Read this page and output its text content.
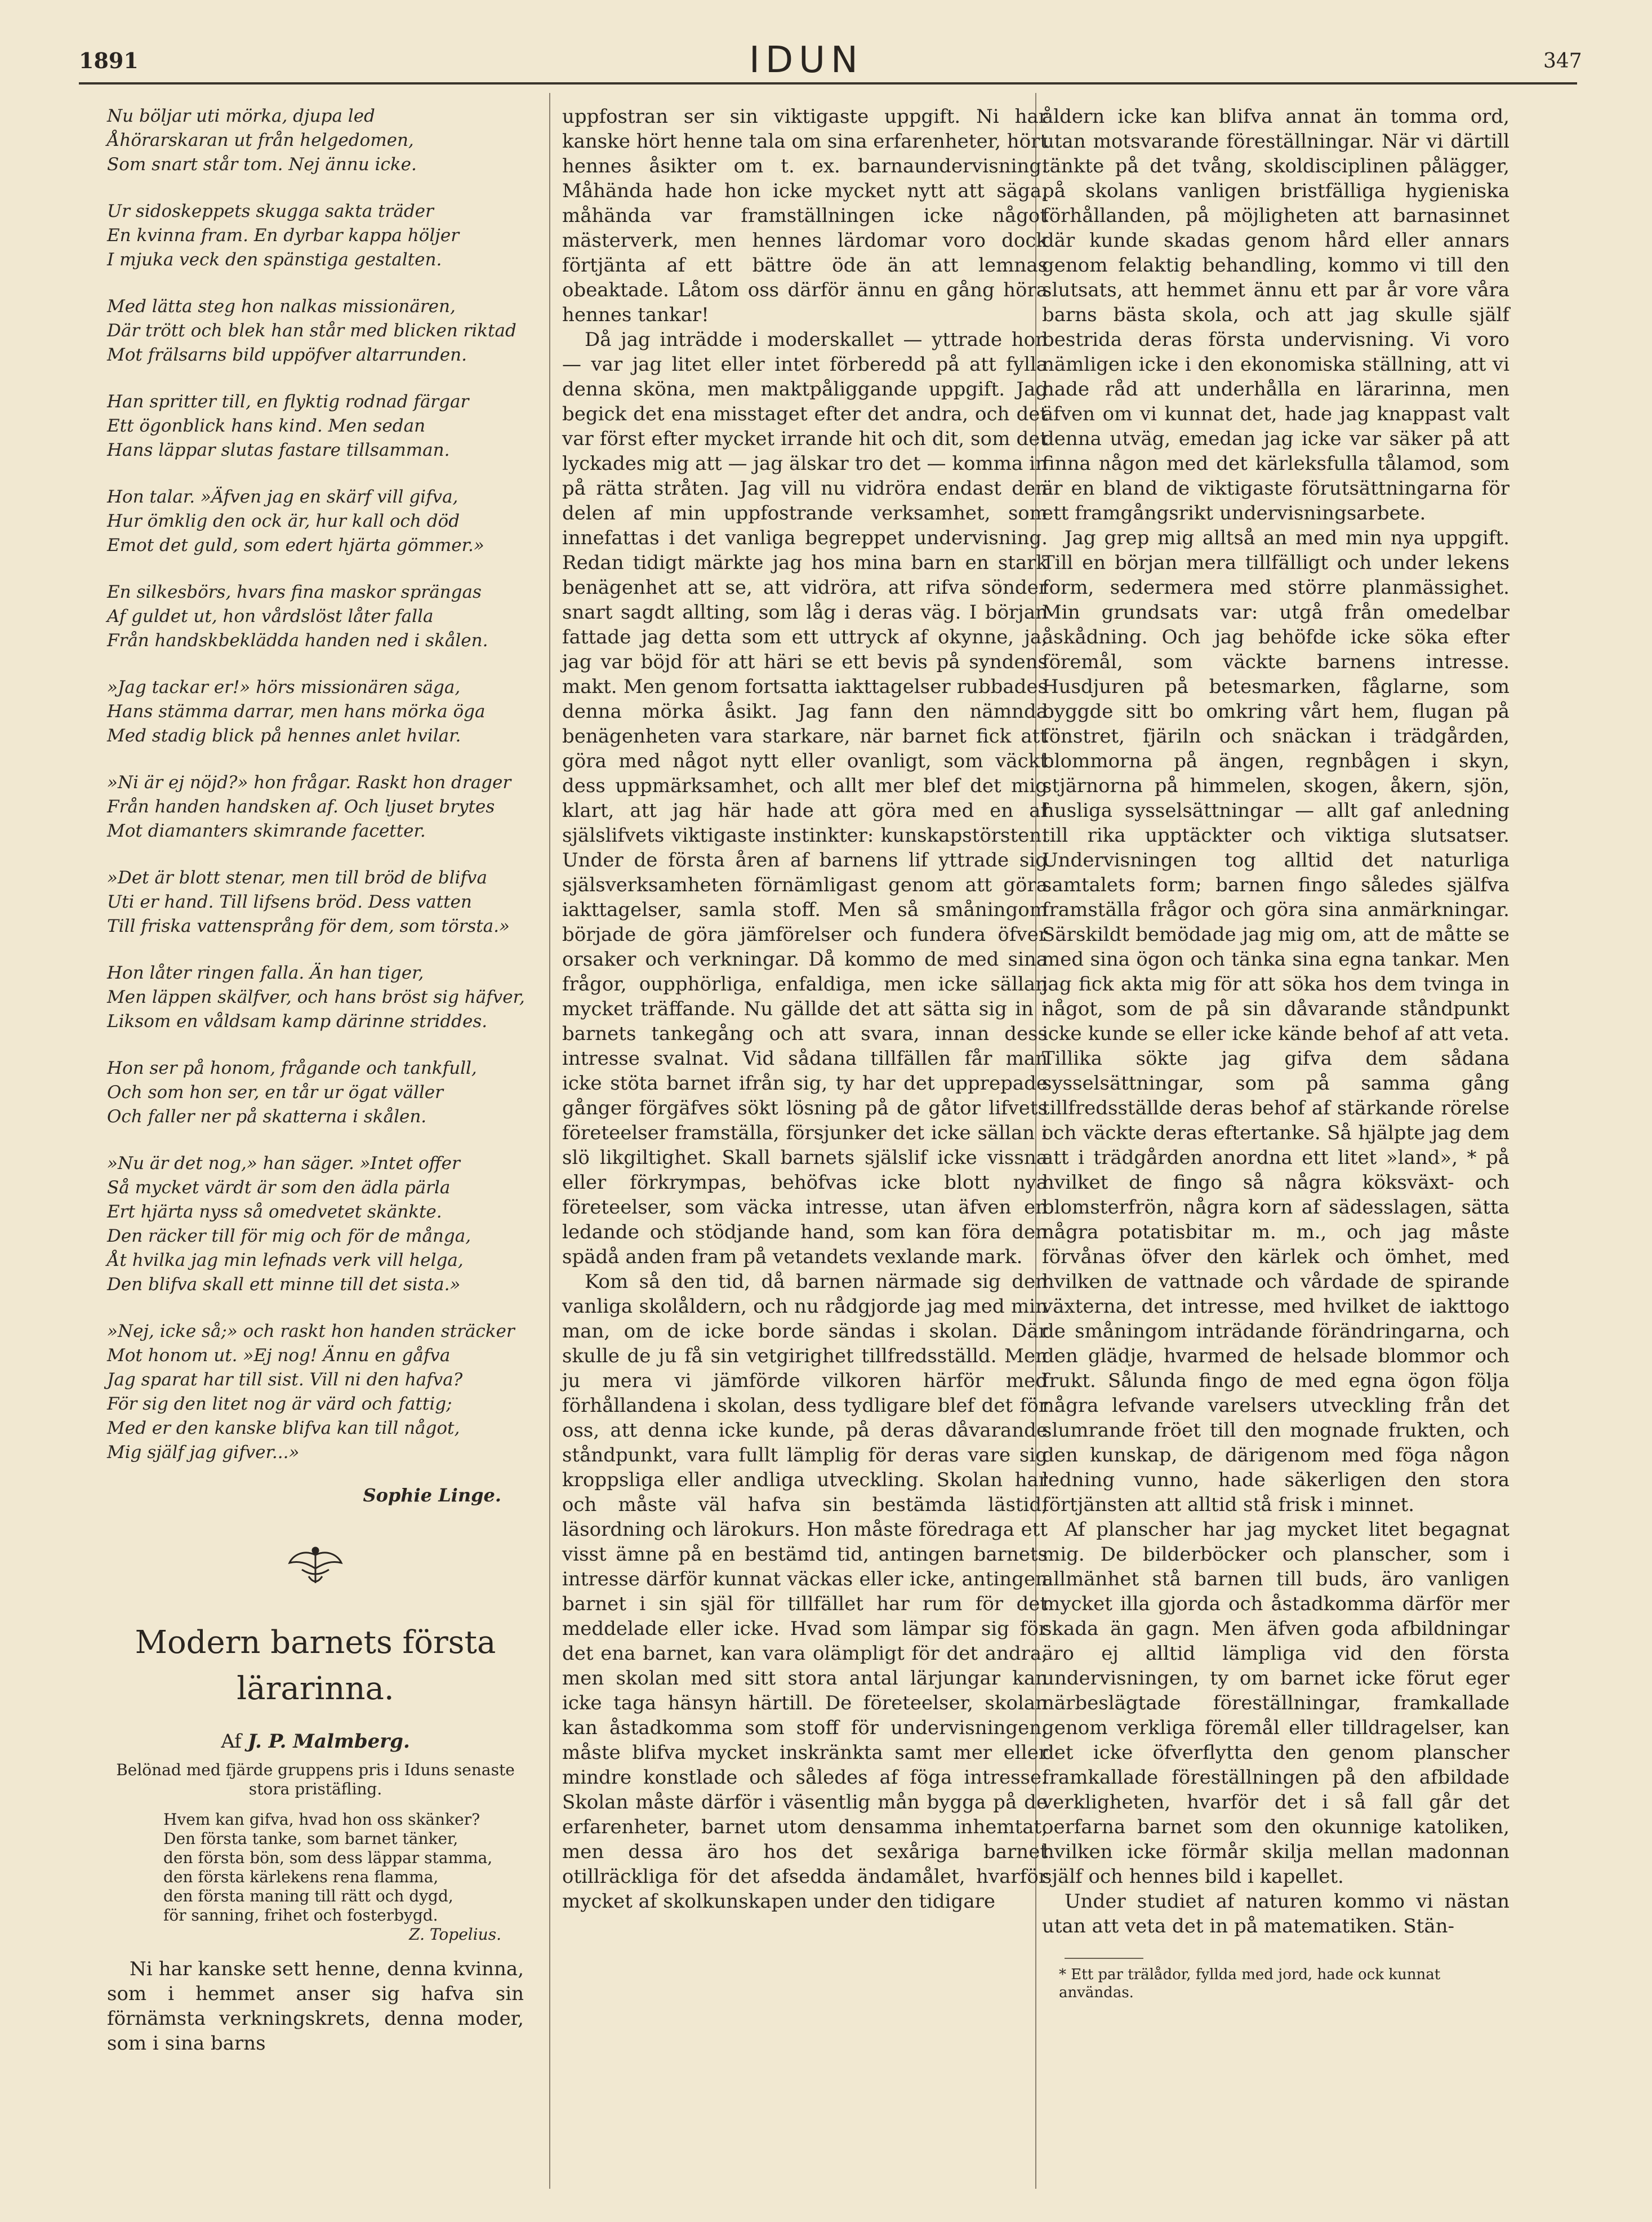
1891	IDUN	347
Nu böljar uti mörka, djupa led
Åhörarskaran ut från helgedomen,
Som snart står tom. Nej ännu icke.
Ur sidoskeppets skugga sakta träder
En kvinna fram. En dyrbar kappa höljer
I mjuka veck den spänstiga gestalten.
Med lätta steg hon nalkas missionären,
Där trött och blek han står med blicken riktad
Mot frälsarns bild uppöfver altarrunden.
Han spritter till, en flyktig rodnad färgar
Ett ögonblick hans kind. Men sedan
Hans läppar slutas fastare tillsamman.
Hon talar. »Äfven jag en skärf vill gifva,
Hur ömklig den ock är, hur kall och död
Emot det guld, som edert hjärta gömmer.»
En silkesbörs, hvars fina maskor sprängas
Af guldet ut, hon vårdslöst låter falla
Från handskbeklädda handen ned i skålen.
»Jag tackar er!» hörs missionären säga,
Hans stämma darrar, men hans mörka öga
Med stadig blick på hennes anlet hvilar.
»Ni är ej nöjd?» hon frågar. Raskt hon drager
Från handen handsken af. Och ljuset brytes
Mot diamanters skimrande facetter.
»Det är blott stenar, men till bröd de blifva
Uti er hand. Till lifsens bröd. Dess vatten
Till friska vattensprång för dem, som törsta.»
Hon låter ringen falla. Än han tiger,
Men läppen skälfver, och hans bröst sig häfver,
Liksom en våldsam kamp därinne striddes.
Hon ser på honom, frågande och tankfull,
Och som hon ser, en tår ur ögat väller
Och faller ner på skatterna i skålen.
»Nu är det nog,» han säger. »Intet offer
Så mycket värdt är som den ädla pärla
Ert hjärta nyss så omedvetet skänkte.
Den räcker till för mig och för de många,
Åt hvilka jag min lefnads verk vill helga,
Den blifva skall ett minne till det sista.»
»Nej, icke så;» och raskt hon handen sträcker
Mot honom ut. »Ej nog! Ännu en gåfva
Jag sparat har till sist. Vill ni den hafva?
För sig den litet nog är värd och fattig;
Med er den kanske blifva kan till något,
Mig själf jag gifver...»
Sophie Linge.
Modern barnets första
lärarinna.
Af J. P. Malmberg.
Belönad med fjärde gruppens pris i Iduns senaste
stora pristäfling.
Hvem kan gifva, hvad hon oss skänker?
Den första tanke, som barnet tänker,
den första bön, som dess läppar stamma,
den första kärlekens rena flamma,
den första maning till rätt och dygd,
för sanning, frihet och fosterbygd.
Z. Topelius.

Ni har kanske sett henne, denna kvinna, som i hemmet anser sig hafva sin förnämsta verkningskrets, denna moder, som i sina barns

uppfostran ser sin viktigaste uppgift. Ni har kanske hört henne tala om sina erfarenheter, hört hennes åsikter om t. ex. barnaundervisning. Måhända hade hon icke mycket nytt att säga, måhända var framställningen icke något mästerverk, men hennes lärdomar voro dock förtjänta af ett bättre öde än att lemnas obeaktade. Låtom oss därför ännu en gång höra hennes tankar!

Då jag inträdde i moderskallet — yttrade hon — var jag litet eller intet förberedd på att fylla denna sköna, men maktpåliggande uppgift. Jag begick det ena misstaget efter det andra, och det var först efter mycket irrande hit och dit, som det lyckades mig att — jag älskar tro det — komma in på rätta stråten. Jag vill nu vidröra endast den delen af min uppfostrande verksamhet, som innefattas i det vanliga begreppet undervisning. Redan tidigt märkte jag hos mina barn en stark benägenhet att se, att vidröra, att rifva sönder snart sagdt allting, som låg i deras väg. I början fattade jag detta som ett uttryck af okynne, ja, jag var böjd för att häri se ett bevis på syndens makt. Men genom fortsatta iakttagelser rubbades denna mörka åsikt. Jag fann den nämnda benägenheten vara starkare, när barnet fick att göra med något nytt eller ovanligt, som väckt dess uppmärksamhet, och allt mer blef det mig klart, att jag här hade att göra med en af själslifvets viktigaste instinkter: kunskapstörsten. Under de första åren af barnens lif yttrade sig själsverksamheten förnämligast genom att göra iakttagelser, samla stoff. Men så småningom började de göra jämförelser och fundera öfver orsaker och verkningar. Då kommo de med sina frågor, oupphörliga, enfaldiga, men icke sällan mycket träffande. Nu gällde det att sätta sig in i barnets tankegång och att svara, innan dess intresse svalnat. Vid sådana tillfällen får man icke stöta barnet ifrån sig, ty har det upprepade gånger förgäfves sökt lösning på de gåtor lifvets företeelser framställa, försjunker det icke sällan i slö likgiltighet. Skall barnets själslif icke vissna eller förkrympas, behöfvas icke blott nya företeelser, som väcka intresse, utan äfven en ledande och stödjande hand, som kan föra den spädå anden fram på vetandets vexlande mark.

Kom så den tid, då barnen närmade sig den vanliga skolåldern, och nu rådgjorde jag med min man, om de icke borde sändas i skolan. Där skulle de ju få sin vetgirighet tillfredsställd. Men ju mera vi jämförde vilkoren härför med förhållandena i skolan, dess tydligare blef det för oss, att denna icke kunde, på deras dåvarande ståndpunkt, vara fullt lämplig för deras vare sig kroppsliga eller andliga utveckling. Skolan har och måste väl hafva sin bestämda lästid, läsordning och lärokurs. Hon måste föredraga ett visst ämne på en bestämd tid, antingen barnets intresse därför kunnat väckas eller icke, antingen barnet i sin själ för tillfället har rum för det meddelade eller icke. Hvad som lämpar sig för det ena barnet, kan vara olämpligt för det andra, men skolan med sitt stora antal lärjungar kan icke taga hänsyn härtill. De företeelser, skolan kan åstadkomma som stoff för undervisningen, måste blifva mycket inskränkta samt mer eller mindre konstlade och således af föga intresse. Skolan måste därför i väsentlig mån bygga på de erfarenheter, barnet utom densamma inhemtat, men dessa äro hos det sexåriga barnet otillräckliga för det afsedda ändamålet, hvarför mycket af skolkunskapen under den tidigare

åldern icke kan blifva annat än tomma ord, utan motsvarande föreställningar. När vi därtill tänkte på det tvång, skoldisciplinen pålägger, på skolans vanligen bristfälliga hygieniska förhållanden, på möjligheten att barnasinnet där kunde skadas genom hård eller annars genom felaktig behandling, kommo vi till den slutsats, att hemmet ännu ett par år vore våra barns bästa skola, och att jag skulle själf bestrida deras första undervisning. Vi voro nämligen icke i den ekonomiska ställning, att vi hade råd att underhålla en lärarinna, men äfven om vi kunnat det, hade jag knappast valt denna utväg, emedan jag icke var säker på att finna någon med det kärleksfulla tålamod, som är en bland de viktigaste förutsättningarna för ett framgångsrikt undervisningsarbete.

Jag grep mig alltså an med min nya uppgift. Till en början mera tillfälligt och under lekens form, sedermera med större planmässighet. Min grundsats var: utgå från omedelbar åskådning. Och jag behöfde icke söka efter föremål, som väckte barnens intresse. Husdjuren på betesmarken, fåglarne, som byggde sitt bo omkring vårt hem, flugan på fönstret, fjäriln och snäckan i trädgården, blommorna på ängen, regnbågen i skyn, stjärnorna på himmelen, skogen, åkern, sjön, husliga sysselsättningar — allt gaf anledning till rika upptäckter och viktiga slutsatser. Undervisningen tog alltid det naturliga samtalets form; barnen fingo således själfva framställa frågor och göra sina anmärkningar. Särskildt bemödade jag mig om, att de måtte se med sina ögon och tänka sina egna tankar. Men jag fick akta mig för att söka hos dem tvinga in något, som de på sin dåvarande ståndpunkt icke kunde se eller icke kände behof af att veta. Tillika sökte jag gifva dem sådana sysselsättningar, som på samma gång tillfredsställde deras behof af stärkande rörelse och väckte deras eftertanke. Så hjälpte jag dem att i trädgården anordna ett litet »land», * på hvilket de fingo så några köksväxt- och blomsterfrön, några korn af sädesslagen, sätta några potatisbitar m. m., och jag måste förvånas öfver den kärlek och ömhet, med hvilken de vattnade och vårdade de spirande växterna, det intresse, med hvilket de iakttogo de småningom inträdande förändringarna, och den glädje, hvarmed de helsade blommor och frukt. Sålunda fingo de med egna ögon följa några lefvande varelsers utveckling från det slumrande fröet till den mognade frukten, och den kunskap, de därigenom med föga någon ledning vunno, hade säkerligen den stora förtjänsten att alltid stå frisk i minnet.

Af planscher har jag mycket litet begagnat mig. De bilderböcker och planscher, som i allmänhet stå barnen till buds, äro vanligen mycket illa gjorda och åstadkomma därför mer skada än gagn. Men äfven goda afbildningar äro ej alltid lämpliga vid den första undervisningen, ty om barnet icke förut eger närbeslägtade föreställningar, framkallade genom verkliga föremål eller tilldragelser, kan det icke öfverflytta den genom planscher framkallade föreställningen på den afbildade verkligheten, hvarför det i så fall går det oerfarna barnet som den okunnige katoliken, hvilken icke förmår skilja mellan madonnan själf och hennes bild i kapellet.

Under studiet af naturen kommo vi nästan utan att veta det in på matematiken. Stän-

* Ett par trälådor, fyllda med jord, hade ock kunnat användas.
